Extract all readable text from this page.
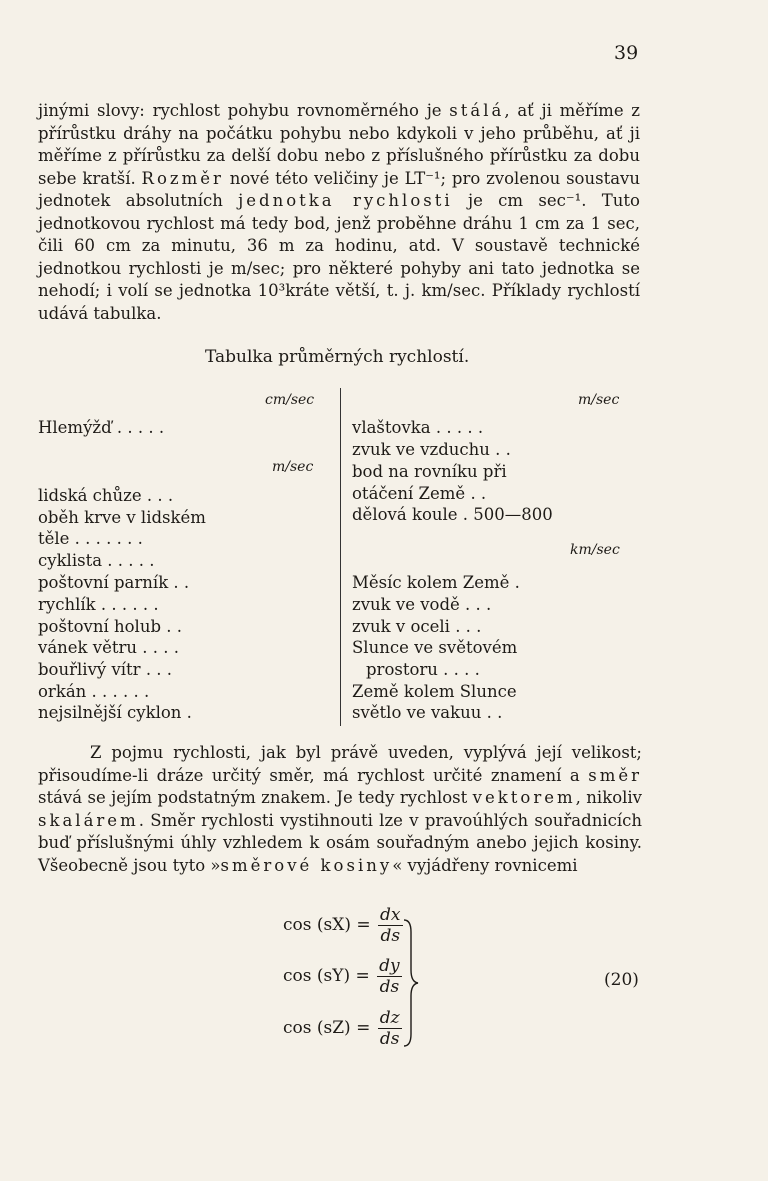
39

jinými slovy: rychlost pohybu rovnoměrného je stálá, ať ji měříme z přírůstku dráhy na počátku pohybu nebo kdykoli v jeho průběhu, ať ji měříme z přírůstku za delší dobu nebo z příslušného přírůstku za dobu sebe kratší. Rozměr nové této veličiny je LT⁻¹; pro zvolenou soustavu jednotek absolutních jednotka rychlosti je cm sec⁻¹. Tuto jednotkovou rychlost má tedy bod, jenž proběhne dráhu 1 cm za 1 sec, čili 60 cm za minutu, 36 m za hodinu, atd. V soustavě technické jednotkou rychlosti je m/sec; pro některé pohyby ani tato jednotka se nehodí; i volí se jednotka 10³kráte větší, t. j. km/sec. Příklady rychlostí udává tabulka.

Tabulka průměrných rychlostí.
cm/sec
m/sec
m/sec
km/sec
Hlemýžď . . . . .
lidská chůze . . .
oběh krve v lidském
těle . . . . . . .
cyklista . . . . .
poštovní parník . .
rychlík . . . . . .
poštovní holub . .
vánek větru . . . .
bouřlivý vítr . . .
orkán . . . . . .
nejsilnější cyklon .
vlaštovka . . . . .
zvuk ve vzduchu . .
bod na rovníku při
otáčení Země . .
dělová koule . 500—800
Měsíc kolem Země .
zvuk ve vodě . . .
zvuk v oceli . . .
Slunce ve světovém
prostoru . . . .
Země kolem Slunce
světlo ve vakuu . .

Z pojmu rychlosti, jak byl právě uveden, vyplývá její velikost; přisoudíme-li dráze určitý směr, má rychlost určité znamení a směr stává se jejím podstatným znakem. Je tedy rychlost vektorem, nikoliv skalárem. Směr rychlosti vystihnouti lze v pravoúhlých souřadnicích buď příslušnými úhly vzhledem k osám souřadným anebo jejich kosiny. Všeobecně jsou tyto »směrové kosiny« vyjádřeny rovnicemi

$\cos (sX) = \frac{dx}{ds}$
$\cos (sY) = \frac{dy}{ds}$
$\cos (sZ) = \frac{dz}{ds}$
(20)
